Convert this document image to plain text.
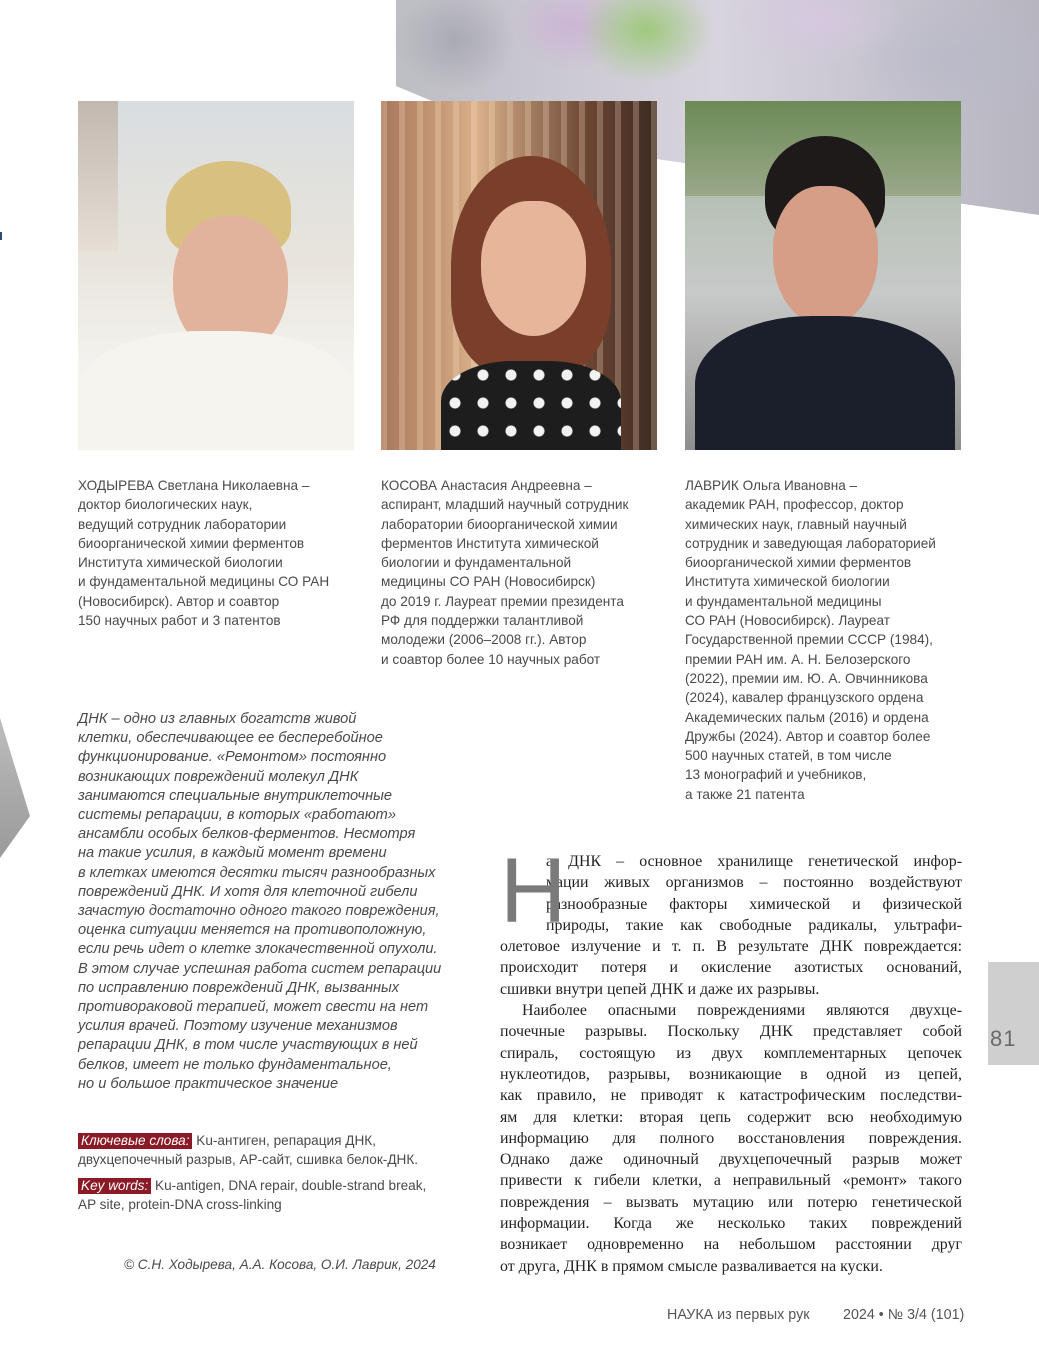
ХОДЫРЕВА Светлана Николаевна –
доктор биологических наук,
ведущий сотрудник лаборатории
биоорганической химии ферментов
Института химической биологии
и фундаментальной медицины СО РАН
(Новосибирск). Автор и соавтор
150 научных работ и 3 патентов
КОСОВА Анастасия Андреевна –
аспирант, младший научный сотрудник
лаборатории биоорганической химии
ферментов Института химической
биологии и фундаментальной
медицины СО РАН (Новосибирск)
до 2019 г. Лауреат премии президента
РФ для поддержки талантливой
молодежи (2006–2008 гг.). Автор
и соавтор более 10 научных работ
ЛАВРИК Ольга Ивановна –
академик РАН, профессор, доктор
химических наук, главный научный
сотрудник и заведующая лабораторией
биоорганической химии ферментов
Института химической биологии
и фундаментальной медицины
СО РАН (Новосибирск). Лауреат
Государственной премии СССР (1984),
премии РАН им. А. Н. Белозерского
(2022), премии им. Ю. А. Овчинникова
(2024), кавалер французского ордена
Академических пальм (2016) и ордена
Дружбы (2024). Автор и соавтор более
500 научных статей, в том числе
13 монографий и учебников,
а также 21 патента
ДНК – одно из главных богатств живой
клетки, обеспечивающее ее бесперебойное
функционирование. «Ремонтом» постоянно
возникающих повреждений молекул ДНК
занимаются специальные внутриклеточные
системы репарации, в которых «работают»
ансамбли особых белков-ферментов. Несмотря
на такие усилия, в каждый момент времени
в клетках имеются десятки тысяч разнообразных
повреждений ДНК. И хотя для клеточной гибели
зачастую достаточно одного такого повреждения,
оценка ситуации меняется на противоположную,
если речь идет о клетке злокачественной опухоли.
В этом случае успешная работа систем репарации
по исправлению повреждений ДНК, вызванных
противораковой терапией, может свести на нет
усилия врачей. Поэтому изучение механизмов
репарации ДНК, в том числе участвующих в ней
белков, имеет не только фундаментальное,
но и большое практическое значение
Ключевые слова: Ku-антиген, репарация ДНК,
двухцепочечный разрыв, АР-сайт, сшивка белок-ДНК.
Key words: Ku-antigen, DNA repair, double-strand break,
AP site, protein-DNA cross-linking
© С.Н. Ходырева, А.А. Косова, О.И. Лаврик, 2024
Н
а ДНК – основное хранилище генетической инфор-
мации живых организмов – постоянно воздействуют
разнообразные факторы химической и физической
природы, такие как свободные радикалы, ультрафи-
олетовое излучение и т. п. В результате ДНК повреждается:
происходит потеря и окисление азотистых оснований,
сшивки внутри цепей ДНК и даже их разрывы.
Наиболее опасными повреждениями являются двухце-
почечные разрывы. Поскольку ДНК представляет собой
спираль, состоящую из двух комплементарных цепочек
нуклеотидов, разрывы, возникающие в одной из цепей,
как правило, не приводят к катастрофическим последстви-
ям для клетки: вторая цепь содержит всю необходимую
информацию для полного восстановления повреждения.
Однако даже одиночный двухцепочечный разрыв может
привести к гибели клетки, а неправильный «ремонт» такого
повреждения – вызвать мутацию или потерю генетической
информации. Когда же несколько таких повреждений
возникает одновременно на небольшом расстоянии друг
от друга, ДНК в прямом смысле разваливается на куски.
81
НАУКА из первых рук 2024 • № 3/4 (101)
